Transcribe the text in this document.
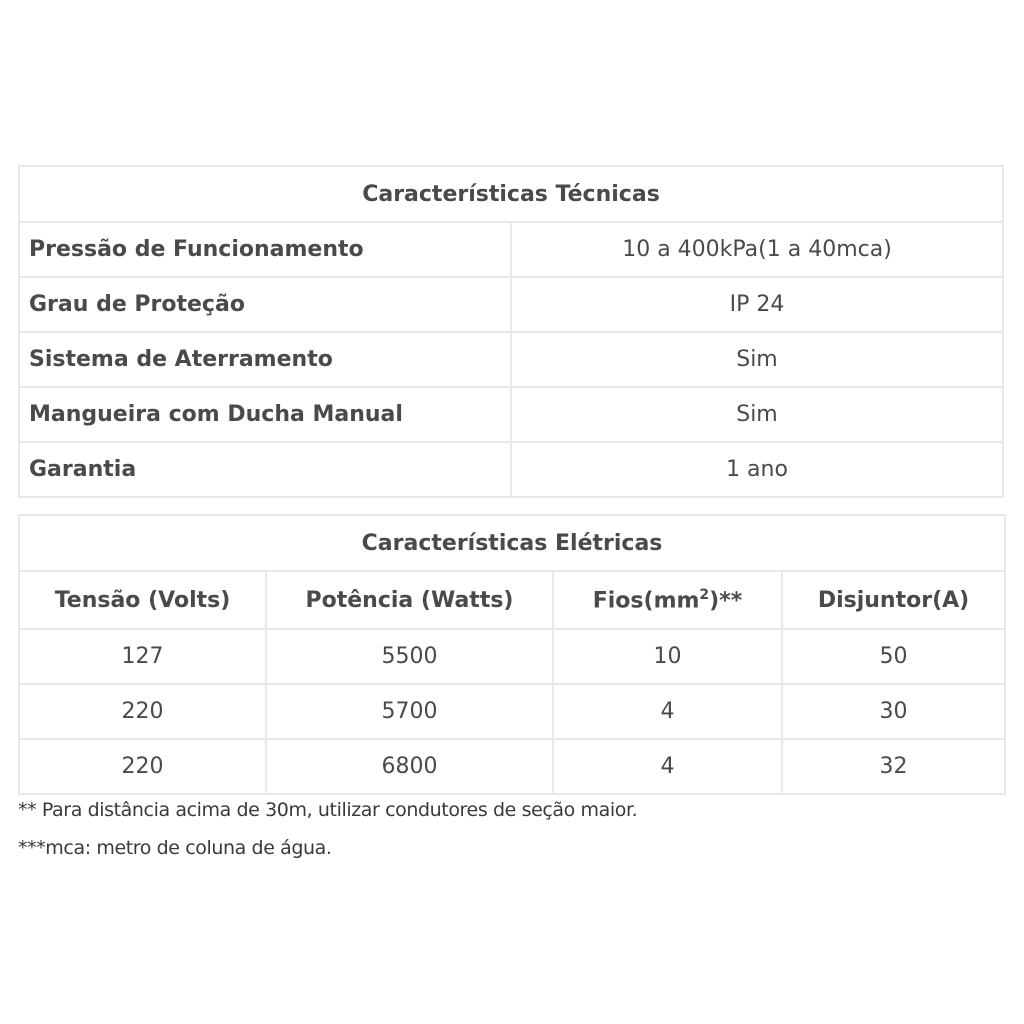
Características Técnicas	
Pressão de Funcionamento	10 a 400kPa(1 a 40mca)
Grau de Proteção	IP 24
Sistema de Aterramento	Sim
Mangueira com Ducha Manual	Sim
Garantia	1 ano
Características Elétricas			
Tensão (Volts)	Potência (Watts)	$Fios(mm^2)**$	Disjuntor(A)
127	5500	10	50
220	5700	4	30
220	6800	4	32
** Para distância acima de 30m, utilizar condutores de seção maior.
***mca: metro de coluna de água.
